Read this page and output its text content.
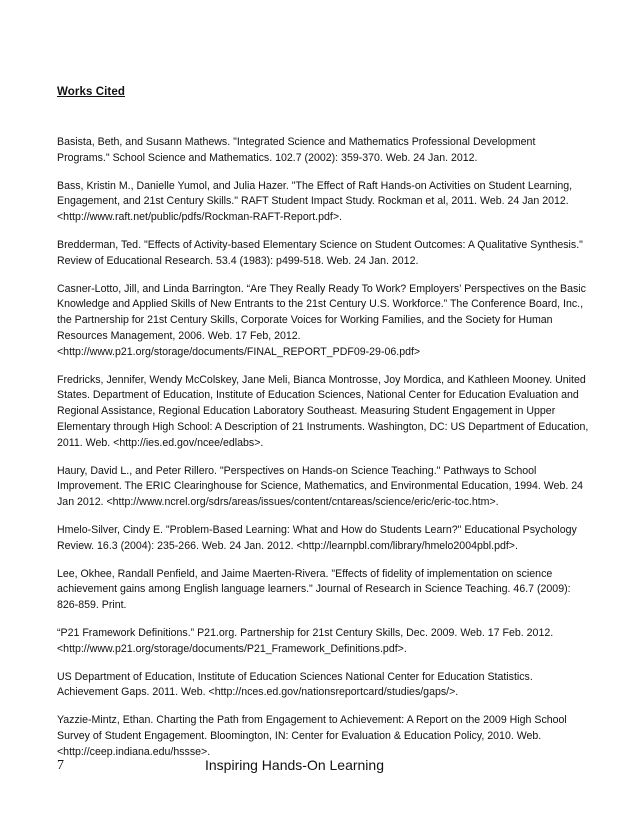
Works Cited
Basista, Beth, and Susann Mathews. "Integrated Science and Mathematics Professional Development
Programs." School Science and Mathematics. 102.7 (2002): 359-370. Web. 24 Jan. 2012.
Bass, Kristin M., Danielle Yumol, and Julia Hazer. "The Effect of Raft Hands-on Activities on Student Learning,
Engagement, and 21st Century Skills." RAFT Student Impact Study. Rockman et al, 2011. Web. 24 Jan 2012.
<http://www.raft.net/public/pdfs/Rockman-RAFT-Report.pdf>.
Bredderman, Ted. "Effects of Activity-based Elementary Science on Student Outcomes: A Qualitative Synthesis."
Review of Educational Research. 53.4 (1983): p499-518. Web. 24 Jan. 2012.
Casner-Lotto, Jill, and Linda Barrington. “Are They Really Ready To Work? Employers’ Perspectives on the Basic
Knowledge and Applied Skills of New Entrants to the 21st Century U.S. Workforce.” The Conference Board, Inc.,
the Partnership for 21st Century Skills, Corporate Voices for Working Families, and the Society for Human
Resources Management, 2006. Web. 17 Feb, 2012.
<http://www.p21.org/storage/documents/FINAL_REPORT_PDF09-29-06.pdf>
Fredricks, Jennifer, Wendy McColskey, Jane Meli, Bianca Montrosse, Joy Mordica, and Kathleen Mooney. United
States. Department of Education, Institute of Education Sciences, National Center for Education Evaluation and
Regional Assistance, Regional Education Laboratory Southeast. Measuring Student Engagement in Upper
Elementary through High School: A Description of 21 Instruments. Washington, DC: US Department of Education,
2011. Web. <http://ies.ed.gov/ncee/edlabs>.
Haury, David L., and Peter Rillero. "Perspectives on Hands-on Science Teaching." Pathways to School
Improvement. The ERIC Clearinghouse for Science, Mathematics, and Environmental Education, 1994. Web. 24
Jan 2012. <http://www.ncrel.org/sdrs/areas/issues/content/cntareas/science/eric/eric-toc.htm>.
Hmelo-Silver, Cindy E. "Problem-Based Learning: What and How do Students Learn?" Educational Psychology
Review. 16.3 (2004): 235-266. Web. 24 Jan. 2012. <http://learnpbl.com/library/hmelo2004pbl.pdf>.
Lee, Okhee, Randall Penfield, and Jaime Maerten-Rivera. "Effects of fidelity of implementation on science
achievement gains among English language learners." Journal of Research in Science Teaching. 46.7 (2009):
826-859. Print.
“P21 Framework Definitions.” P21.org. Partnership for 21st Century Skills, Dec. 2009. Web. 17 Feb. 2012.
<http://www.p21.org/storage/documents/P21_Framework_Definitions.pdf>.
US Department of Education, Institute of Education Sciences National Center for Education Statistics.
Achievement Gaps. 2011. Web. <http://nces.ed.gov/nationsreportcard/studies/gaps/>.
Yazzie-Mintz, Ethan. Charting the Path from Engagement to Achievement: A Report on the 2009 High School
Survey of Student Engagement. Bloomington, IN: Center for Evaluation & Education Policy, 2010. Web.
<http://ceep.indiana.edu/hssse>.
7	Inspiring Hands-On Learning
